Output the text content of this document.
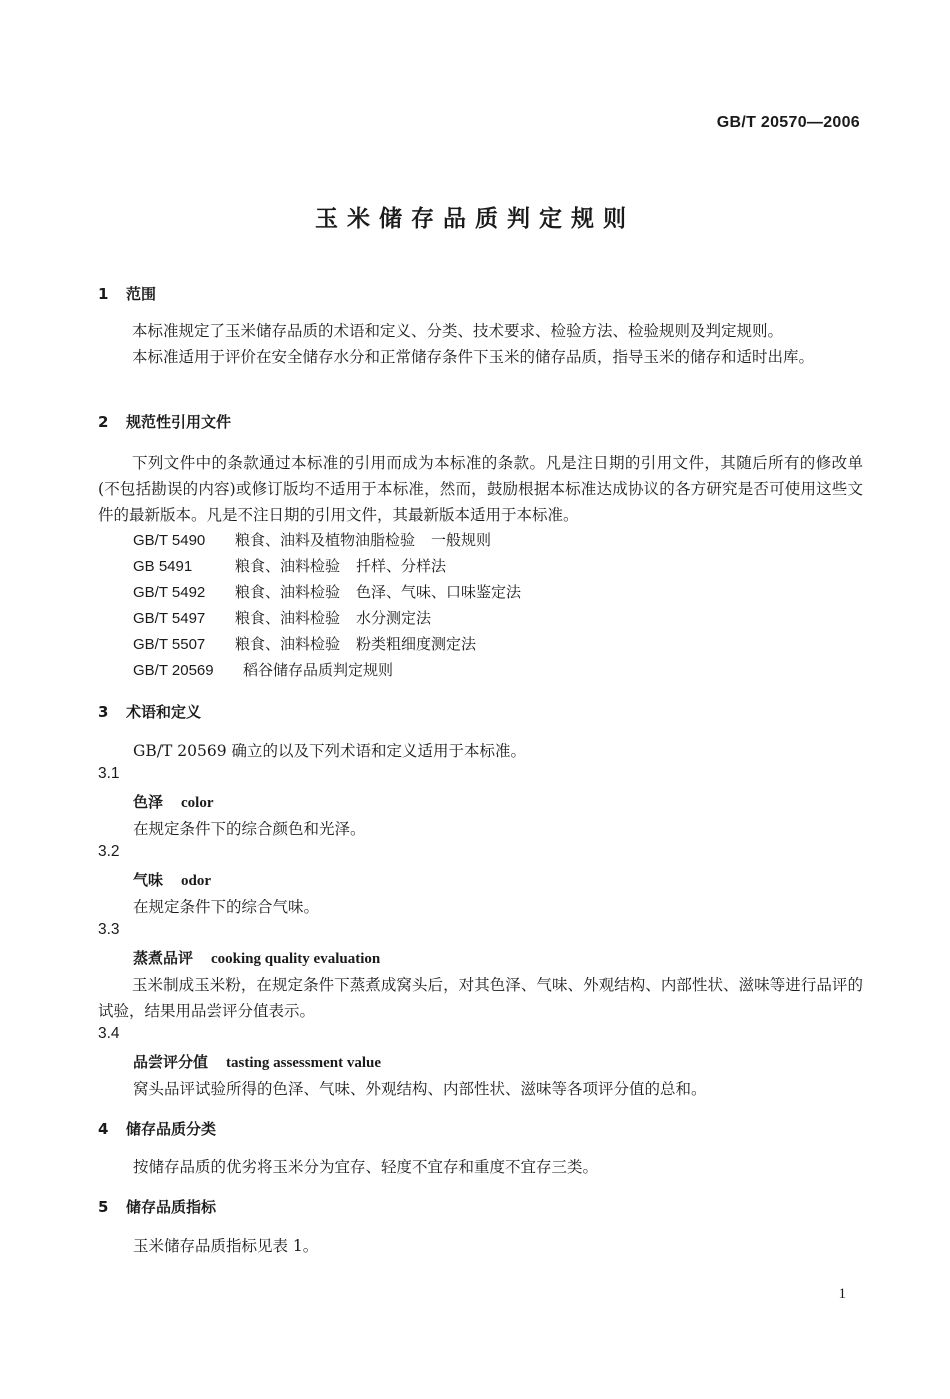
GB/T 20570—2006
玉米储存品质判定规则
1 范围
本标准规定了玉米储存品质的术语和定义、分类、技术要求、检验方法、检验规则及判定规则。
本标准适用于评价在安全储存水分和正常储存条件下玉米的储存品质，指导玉米的储存和适时出库。
2 规范性引用文件
下列文件中的条款通过本标准的引用而成为本标准的条款。凡是注日期的引用文件，其随后所有的修改单(不包括勘误的内容)或修订版均不适用于本标准，然而，鼓励根据本标准达成协议的各方研究是否可使用这些文件的最新版本。凡是不注日期的引用文件，其最新版本适用于本标准。
GB/T 5490 粮食、油料及植物油脂检验 一般规则
GB 5491	粮食、油料检验 扦样、分样法
GB/T 5492 粮食、油料检验 色泽、气味、口味鉴定法
GB/T 5497 粮食、油料检验 水分测定法
GB/T 5507 粮食、油料检验 粉类粗细度测定法
GB/T 20569 稻谷储存品质判定规则
3 术语和定义
GB/T 20569 确立的以及下列术语和定义适用于本标准。
3.1
色泽 color
在规定条件下的综合颜色和光泽。
3.2
气味 odor
在规定条件下的综合气味。
3.3
蒸煮品评 cooking quality evaluation
玉米制成玉米粉，在规定条件下蒸煮成窝头后，对其色泽、气味、外观结构、内部性状、滋味等进行品评的试验，结果用品尝评分值表示。
3.4
品尝评分值 tasting assessment value
窝头品评试验所得的色泽、气味、外观结构、内部性状、滋味等各项评分值的总和。
4 储存品质分类
按储存品质的优劣将玉米分为宜存、轻度不宜存和重度不宜存三类。
5 储存品质指标
玉米储存品质指标见表 1。
1
